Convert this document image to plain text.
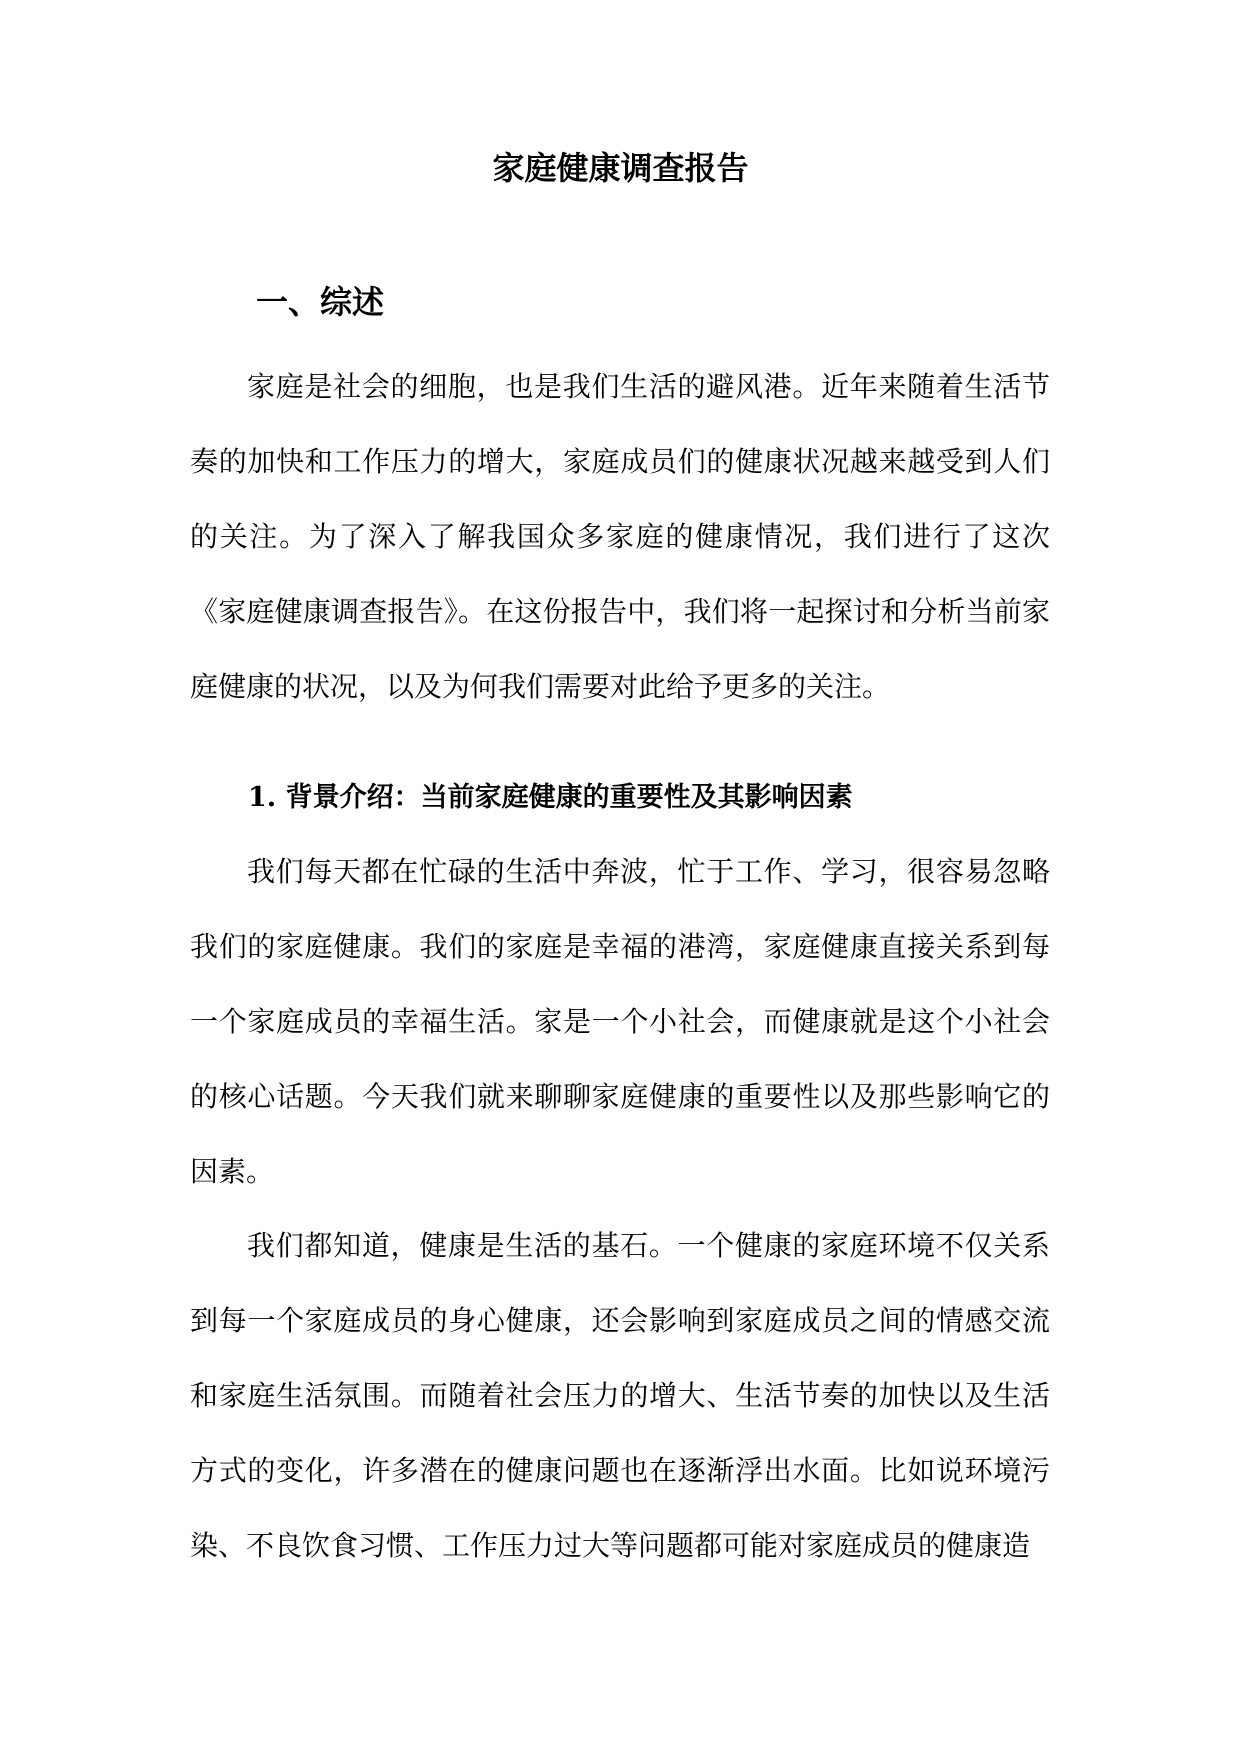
家庭健康调查报告
一、综述

家庭是社会的细胞，也是我们生活的避风港。近年来随着生活节奏的加快和工作压力的增大，家庭成员们的健康状况越来越受到人们的关注。为了深入了解我国众多家庭的健康情况，我们进行了这次《家庭健康调查报告》。在这份报告中，我们将一起探讨和分析当前家庭健康的状况，以及为何我们需要对此给予更多的关注。

1. 背景介绍：当前家庭健康的重要性及其影响因素

我们每天都在忙碌的生活中奔波，忙于工作、学习，很容易忽略我们的家庭健康。我们的家庭是幸福的港湾，家庭健康直接关系到每一个家庭成员的幸福生活。家是一个小社会，而健康就是这个小社会的核心话题。今天我们就来聊聊家庭健康的重要性以及那些影响它的因素。

我们都知道，健康是生活的基石。一个健康的家庭环境不仅关系到每一个家庭成员的身心健康，还会影响到家庭成员之间的情感交流和家庭生活氛围。而随着社会压力的增大、生活节奏的加快以及生活方式的变化，许多潜在的健康问题也在逐渐浮出水面。比如说环境污染、不良饮食习惯、工作压力过大等问题都可能对家庭成员的健康造
